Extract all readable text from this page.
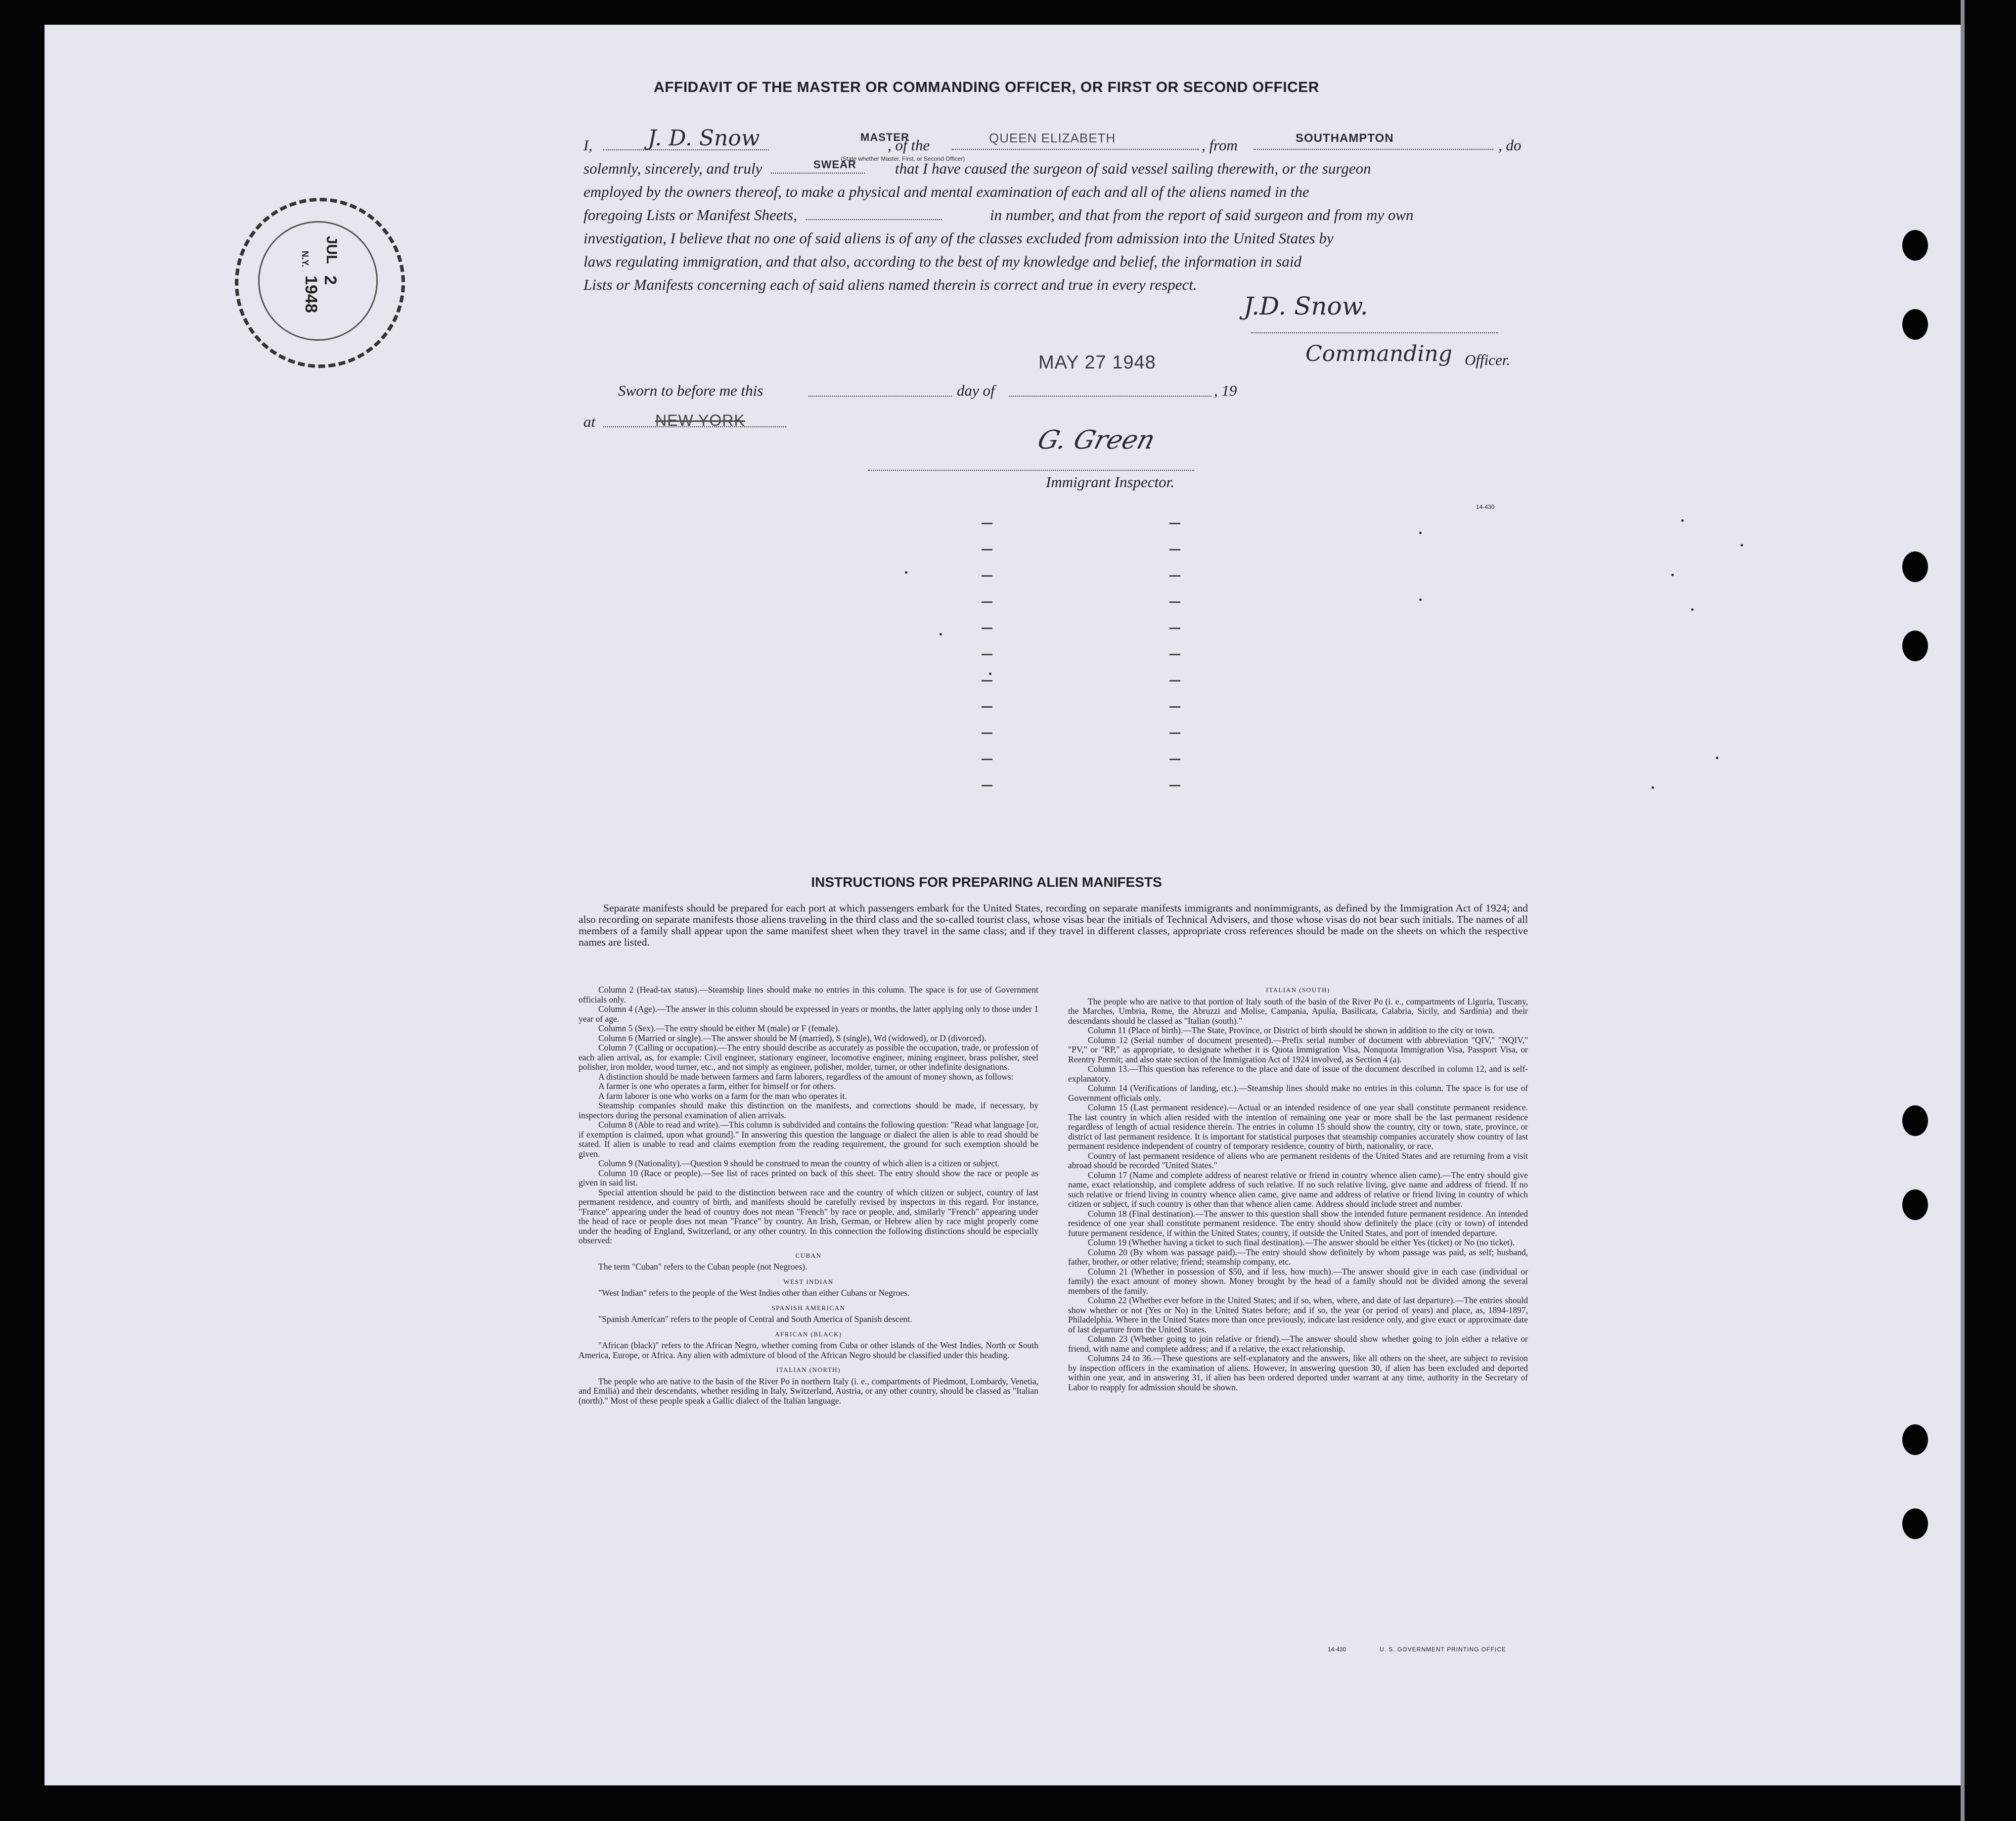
JUL
2 1948
N.Y.
AFFIDAVIT OF THE MASTER OR COMMANDING OFFICER, OR FIRST OR SECOND OFFICER
I,	, of the	, from	, do
J. D. Snow	MASTER
(State whether Master, First, or Second Officer)
QUEEN ELIZABETH	SOUTHAMPTON
solemnly, sincerely, and truly	SWEAR	that I have caused the surgeon of said vessel sailing therewith, or the surgeon
employed by the owners thereof, to make a physical and mental examination of each and all of the aliens named in the
foregoing Lists or Manifest Sheets,	in number, and that from the report of said surgeon and from my own
investigation, I believe that no one of said aliens is of any of the classes excluded from admission into the United States by
laws regulating immigration, and that also, according to the best of my knowledge and belief, the information in said
Lists or Manifests concerning each of said aliens named therein is correct and true in every respect.
J.D. Snow.
Commanding Officer.
MAY 27 1948
Sworn to before me this	day of	, 19
at	NEW YORK
G. Green
Immigrant Inspector.
14-430
INSTRUCTIONS FOR PREPARING ALIEN MANIFESTS
Separate manifests should be prepared for each port at which passengers embark for the United States, recording on separate manifests immigrants and nonimmigrants, as defined by the Immigration Act of 1924; and also recording on separate manifests those aliens traveling in the third class and the so-called tourist class, whose visas bear the initials of Technical Advisers, and those whose visas do not bear such initials. The names of all members of a family shall appear upon the same manifest sheet when they travel in the same class; and if they travel in different classes, appropriate cross references should be made on the sheets on which the respective names are listed.

Column 2 (Head-tax status).—Steamship lines should make no entries in this column. The space is for use of Government officials only.

Column 4 (Age).—The answer in this column should be expressed in years or months, the latter applying only to those under 1 year of age.

Column 5 (Sex).—The entry should be either M (male) or F (female).

Column 6 (Married or single).—The answer should be M (married), S (single), Wd (widowed), or D (divorced).

Column 7 (Calling or occupation).—The entry should describe as accurately as possible the occupation, trade, or profession of each alien arrival, as, for example: Civil engineer, stationary engineer, locomotive engineer, mining engineer, brass polisher, steel polisher, iron molder, wood turner, etc., and not simply as engineer, polisher, molder, turner, or other indefinite designations.

A distinction should be made between farmers and farm laborers, regardless of the amount of money shown, as follows:

A farmer is one who operates a farm, either for himself or for others.

A farm laborer is one who works on a farm for the man who operates it.

Steamship companies should make this distinction on the manifests, and corrections should be made, if necessary, by inspectors during the personal examination of alien arrivals.

Column 8 (Able to read and write).—This column is subdivided and contains the following question: "Read what language [or, if exemption is claimed, upon what ground]." In answering this question the language or dialect the alien is able to read should be stated. If alien is unable to read and claims exemption from the reading requirement, the ground for such exemption should be given.

Column 9 (Nationality).—Question 9 should be construed to mean the country of which alien is a citizen or subject.

Column 10 (Race or people).—See list of races printed on back of this sheet. The entry should show the race or people as given in said list.

Special attention should be paid to the distinction between race and the country of which citizen or subject, country of last permanent residence, and country of birth, and manifests should be carefully revised by inspectors in this regard. For instance, "France" appearing under the head of country does not mean "French" by race or people, and, similarly "French" appearing under the head of race or people does not mean "France" by country. An Irish, German, or Hebrew alien by race might properly come under the heading of England, Switzerland, or any other country. In this connection the following distinctions should be especially observed:

CUBAN

The term "Cuban" refers to the Cuban people (not Negroes).

WEST INDIAN

"West Indian" refers to the people of the West Indies other than either Cubans or Negroes.

SPANISH AMERICAN

"Spanish American" refers to the people of Central and South America of Spanish descent.

AFRICAN (BLACK)

"African (black)" refers to the African Negro, whether coming from Cuba or other islands of the West Indies, North or South America, Europe, or Africa. Any alien with admixture of blood of the African Negro should be classified under this heading.

ITALIAN (NORTH)

The people who are native to the basin of the River Po in northern Italy (i. e., compartments of Piedmont, Lombardy, Venetia, and Emilia) and their descendants, whether residing in Italy, Switzerland, Austria, or any other country, should be classed as "Italian (north)." Most of these people speak a Gallic dialect of the Italian language.

ITALIAN (SOUTH)

The people who are native to that portion of Italy south of the basin of the River Po (i. e., compartments of Liguria, Tuscany, the Marches, Umbria, Rome, the Abruzzi and Molise, Campania, Apulia, Basilicata, Calabria, Sicily, and Sardinia) and their descendants should be classed as "Italian (south)."

Column 11 (Place of birth).—The State, Province, or District of birth should be shown in addition to the city or town.

Column 12 (Serial number of document presented).—Prefix serial number of document with abbreviation "QIV," "NQIV," "PV," or "RP," as appropriate, to designate whether it is Quota Immigration Visa, Nonquota Immigration Visa, Passport Visa, or Reentry Permit; and also state section of the Immigration Act of 1924 involved, as Section 4 (a).

Column 13.—This question has reference to the place and date of issue of the document described in column 12, and is self-explanatory.

Column 14 (Verifications of landing, etc.).—Steamship lines should make no entries in this column. The space is for use of Government officials only.

Column 15 (Last permanent residence).—Actual or an intended residence of one year shall constitute permanent residence. The last country in which alien resided with the intention of remaining one year or more shall be the last permanent residence regardless of length of actual residence therein. The entries in column 15 should show the country, city or town, state, province, or district of last permanent residence. It is important for statistical purposes that steamship companies accurately show country of last permanent residence independent of country of temporary residence, country of birth, nationality, or race.

Country of last permanent residence of aliens who are permanent residents of the United States and are returning from a visit abroad should be recorded "United States."

Column 17 (Name and complete address of nearest relative or friend in country whence alien came).—The entry should give name, exact relationship, and complete address of such relative. If no such relative living, give name and address of friend. If no such relative or friend living in country whence alien came, give name and address of relative or friend living in country of which citizen or subject, if such country is other than that whence alien came. Address should include street and number.

Column 18 (Final destination).—The answer to this question shall show the intended future permanent residence. An intended residence of one year shall constitute permanent residence. The entry should show definitely the place (city or town) of intended future permanent residence, if within the United States; country, if outside the United States, and port of intended departure.

Column 19 (Whether having a ticket to such final destination).—The answer should be either Yes (ticket) or No (no ticket).

Column 20 (By whom was passage paid).—The entry should show definitely by whom passage was paid, as self; husband, father, brother, or other relative; friend; steamship company, etc.

Column 21 (Whether in possession of $50, and if less, how much).—The answer should give in each case (individual or family) the exact amount of money shown. Money brought by the head of a family should not be divided among the several members of the family.

Column 22 (Whether ever before in the United States; and if so, when, where, and date of last departure).—The entries should show whether or not (Yes or No) in the United States before; and if so, the year (or period of years) and place, as, 1894-1897, Philadelphia. Where in the United States more than once previously, indicate last residence only, and give exact or approximate date of last departure from the United States.

Column 23 (Whether going to join relative or friend).—The answer should show whether going to join either a relative or friend, with name and complete address; and if a relative, the exact relationship.

Columns 24 to 36.—These questions are self-explanatory and the answers, like all others on the sheet, are subject to revision by inspection officers in the examination of aliens. However, in answering question 30, if alien has been excluded and deported within one year, and in answering 31, if alien has been ordered deported under warrant at any time, authority in the Secretary of Labor to reapply for admission should be shown.

14-430	U. S. GOVERNMENT PRINTING OFFICE
